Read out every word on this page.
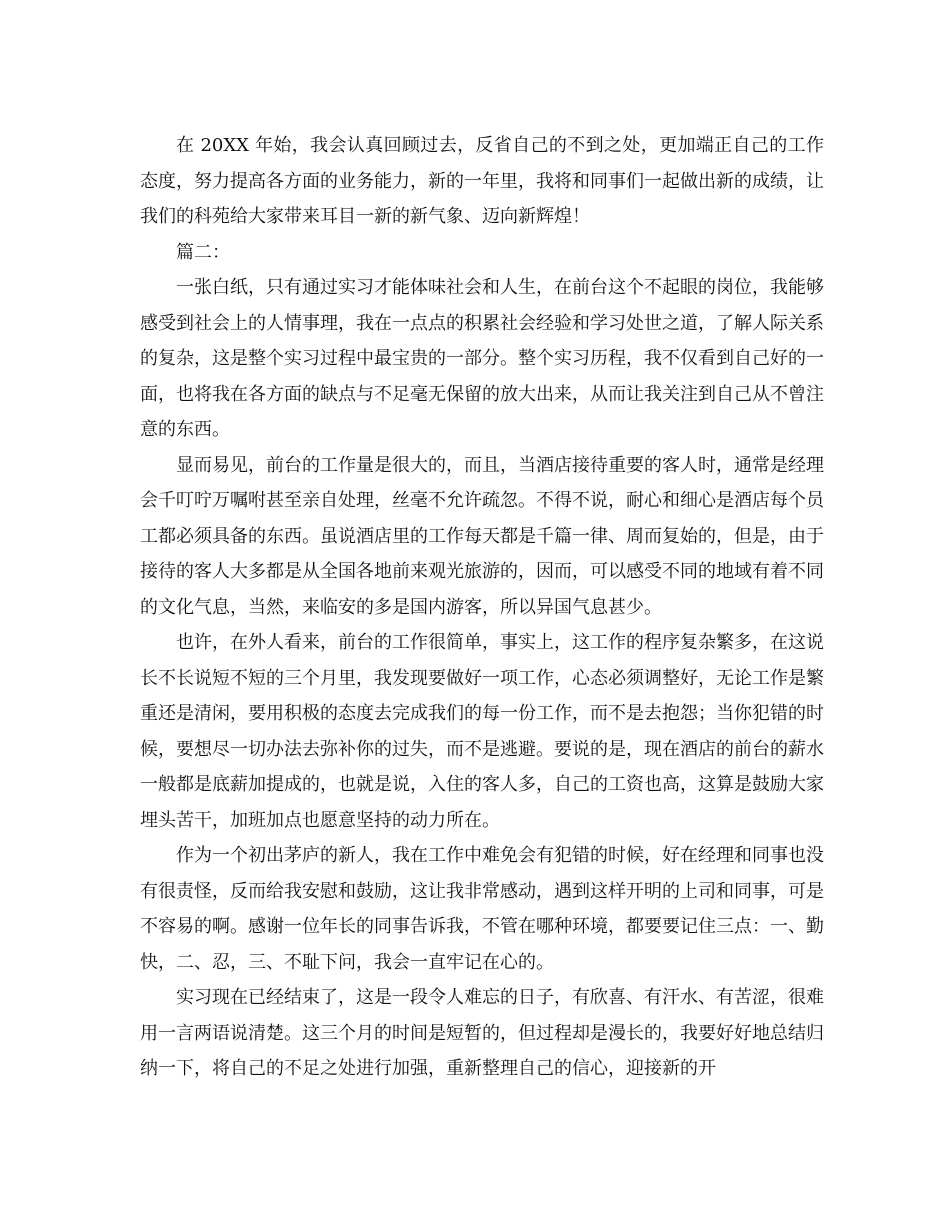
在 20XX 年始，我会认真回顾过去，反省自己的不到之处，更加端正自己的工作态度，努力提高各方面的业务能力，新的一年里，我将和同事们一起做出新的成绩，让我们的科苑给大家带来耳目一新的新气象、迈向新辉煌！

篇二：

一张白纸，只有通过实习才能体味社会和人生，在前台这个不起眼的岗位，我能够感受到社会上的人情事理，我在一点点的积累社会经验和学习处世之道，了解人际关系的复杂，这是整个实习过程中最宝贵的一部分。整个实习历程，我不仅看到自己好的一面，也将我在各方面的缺点与不足毫无保留的放大出来，从而让我关注到自己从不曾注意的东西。

显而易见，前台的工作量是很大的，而且，当酒店接待重要的客人时，通常是经理会千叮咛万嘱咐甚至亲自处理，丝毫不允许疏忽。不得不说，耐心和细心是酒店每个员工都必须具备的东西。虽说酒店里的工作每天都是千篇一律、周而复始的，但是，由于接待的客人大多都是从全国各地前来观光旅游的，因而，可以感受不同的地域有着不同的文化气息，当然，来临安的多是国内游客，所以异国气息甚少。

也许，在外人看来，前台的工作很简单，事实上，这工作的程序复杂繁多，在这说长不长说短不短的三个月里，我发现要做好一项工作，心态必须调整好，无论工作是繁重还是清闲，要用积极的态度去完成我们的每一份工作，而不是去抱怨；当你犯错的时候，要想尽一切办法去弥补你的过失，而不是逃避。要说的是，现在酒店的前台的薪水一般都是底薪加提成的，也就是说，入住的客人多，自己的工资也高，这算是鼓励大家埋头苦干，加班加点也愿意坚持的动力所在。

作为一个初出茅庐的新人，我在工作中难免会有犯错的时候，好在经理和同事也没有很责怪，反而给我安慰和鼓励，这让我非常感动，遇到这样开明的上司和同事，可是不容易的啊。感谢一位年长的同事告诉我，不管在哪种环境，都要要记住三点：一、勤快，二、忍，三、不耻下问，我会一直牢记在心的。

实习现在已经结束了，这是一段令人难忘的日子，有欣喜、有汗水、有苦涩，很难用一言两语说清楚。这三个月的时间是短暂的，但过程却是漫长的，我要好好地总结归纳一下，将自己的不足之处进行加强，重新整理自己的信心，迎接新的开
